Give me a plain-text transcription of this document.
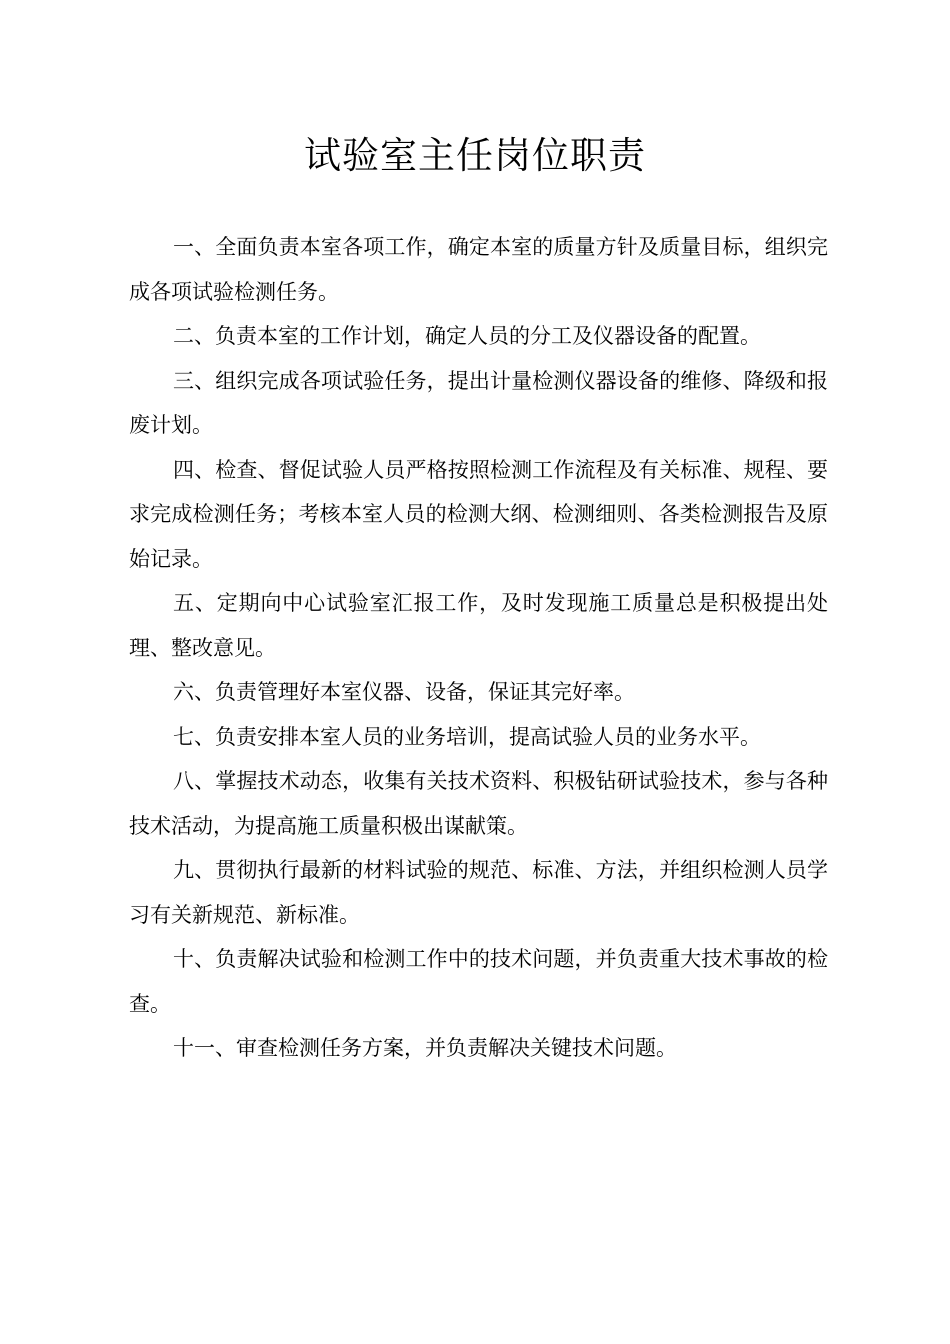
试验室主任岗位职责

一、全面负责本室各项工作，确定本室的质量方针及质量目标，组织完成各项试验检测任务。

二、负责本室的工作计划，确定人员的分工及仪器设备的配置。

三、组织完成各项试验任务，提出计量检测仪器设备的维修、降级和报废计划。

四、检查、督促试验人员严格按照检测工作流程及有关标准、规程、要求完成检测任务；考核本室人员的检测大纲、检测细则、各类检测报告及原始记录。

五、定期向中心试验室汇报工作，及时发现施工质量总是积极提出处理、整改意见。

六、负责管理好本室仪器、设备，保证其完好率。

七、负责安排本室人员的业务培训，提高试验人员的业务水平。

八、掌握技术动态，收集有关技术资料、积极钻研试验技术，参与各种技术活动，为提高施工质量积极出谋献策。

九、贯彻执行最新的材料试验的规范、标准、方法，并组织检测人员学习有关新规范、新标准。

十、负责解决试验和检测工作中的技术问题，并负责重大技术事故的检查。

十一、审查检测任务方案，并负责解决关键技术问题。
